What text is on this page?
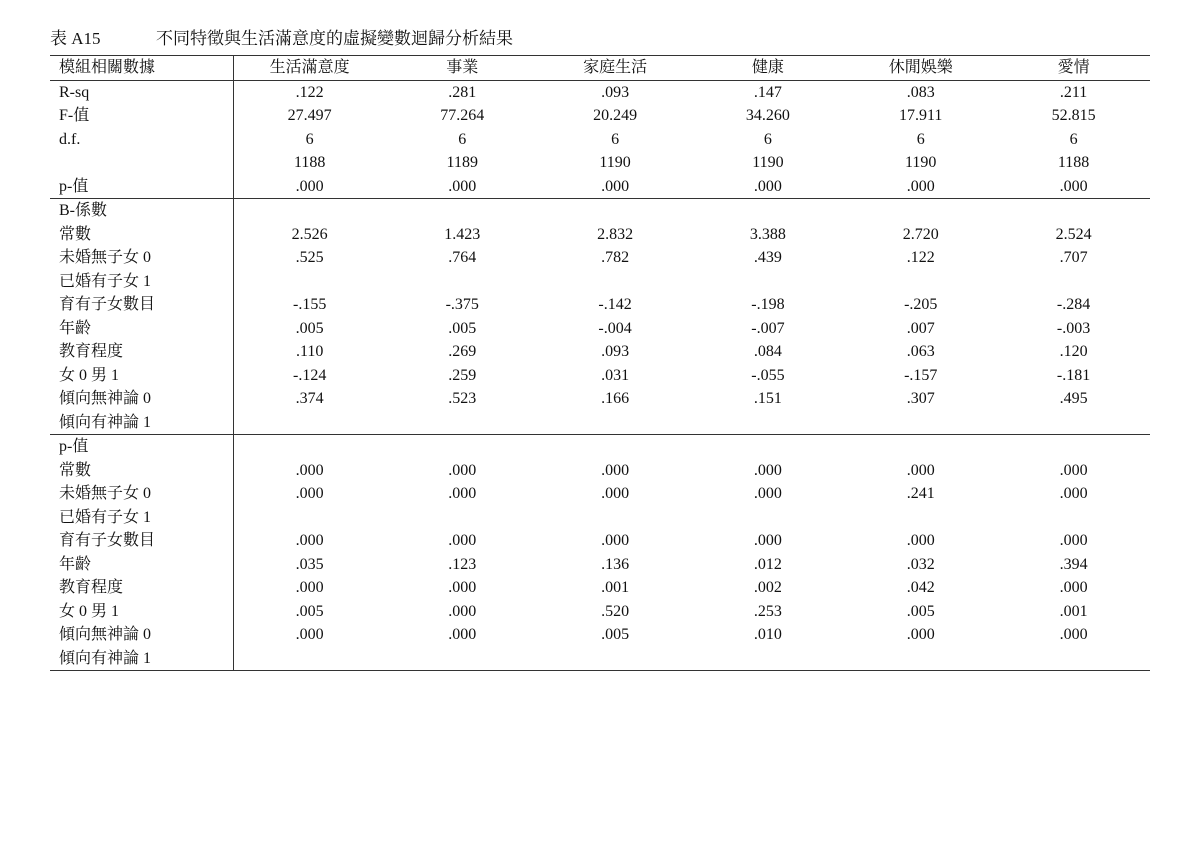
表 A15	不同特徵與生活滿意度的虛擬變數迴歸分析結果
模組相關數據	生活滿意度	事業	家庭生活	健康	休閒娛樂	愛情
R-sq	.122	.281	.093	.147	.083	.211
F-值	27.497	77.264	20.249	34.260	17.911	52.815
d.f.	6	6	6	6	6	6
	1188	1189	1190	1190	1190	1188
p-值	.000	.000	.000	.000	.000	.000
B-係數						
常數	2.526	1.423	2.832	3.388	2.720	2.524
未婚無子女 0	.525	.764	.782	.439	.122	.707
已婚有子女 1						
育有子女數目	-.155	-.375	-.142	-.198	-.205	-.284
年齡	.005	.005	-.004	-.007	.007	-.003
教育程度	.110	.269	.093	.084	.063	.120
女 0 男 1	-.124	.259	.031	-.055	-.157	-.181
傾向無神論 0	.374	.523	.166	.151	.307	.495
傾向有神論 1						
p-值						
常數	.000	.000	.000	.000	.000	.000
未婚無子女 0	.000	.000	.000	.000	.241	.000
已婚有子女 1						
育有子女數目	.000	.000	.000	.000	.000	.000
年齡	.035	.123	.136	.012	.032	.394
教育程度	.000	.000	.001	.002	.042	.000
女 0 男 1	.005	.000	.520	.253	.005	.001
傾向無神論 0	.000	.000	.005	.010	.000	.000
傾向有神論 1						
